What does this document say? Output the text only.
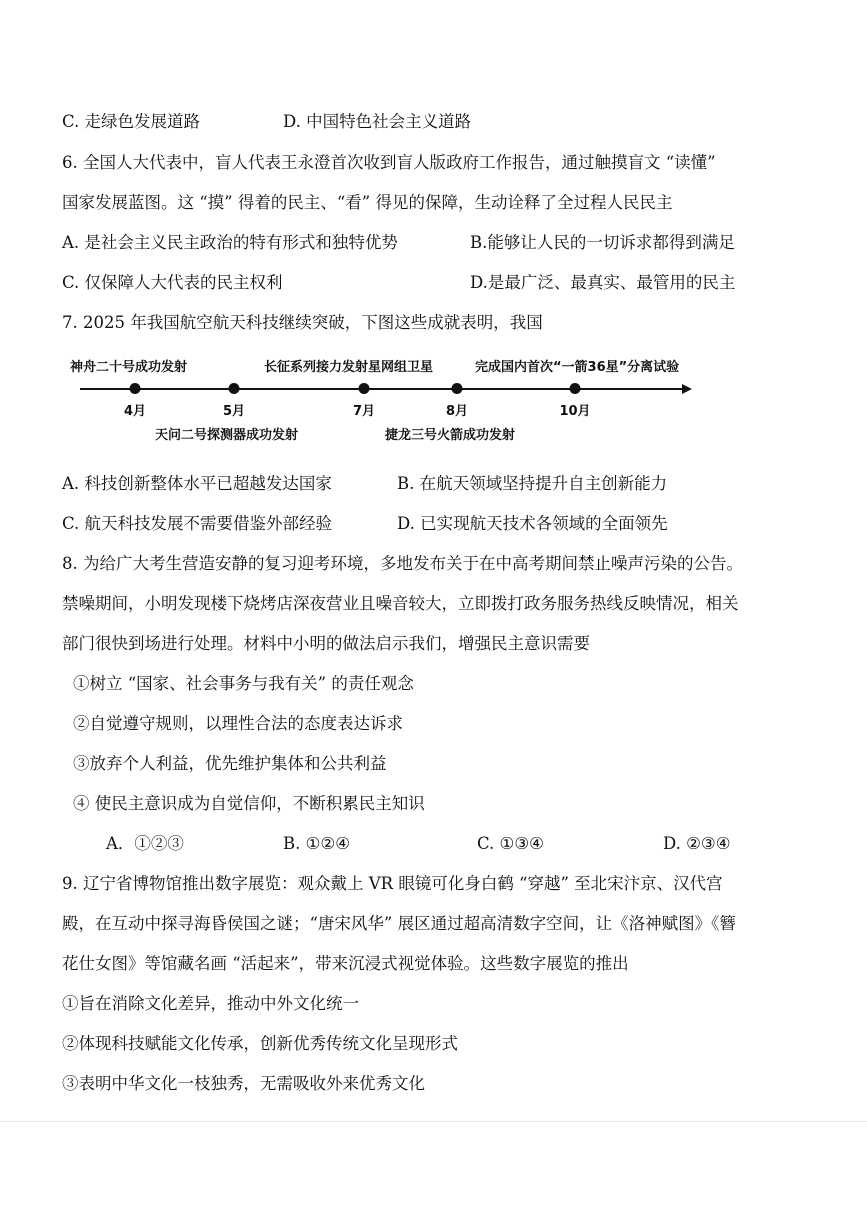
C. 走绿色发展道路	D. 中国特色社会主义道路
6. 全国人大代表中，盲人代表王永澄首次收到盲人版政府工作报告，通过触摸盲文 “读懂”
国家发展蓝图。这 “摸” 得着的民主、“看” 得见的保障，生动诠释了全过程人民民主
A. 是社会主义民主政治的特有形式和独特优势	B.能够让人民的一切诉求都得到满足
C. 仅保障人大代表的民主权利	D.是最广泛、最真实、最管用的民主
7. 2025 年我国航空航天科技继续突破，下图这些成就表明，我国
神舟二十号成功发射	长征系列接力发射星网组卫星	完成国内首次“一箭36星”分离试验
4月	5月	7月	8月	10月
天问二号探测器成功发射	捷龙三号火箭成功发射
A. 科技创新整体水平已超越发达国家	B. 在航天领域坚持提升自主创新能力
C. 航天科技发展不需要借鉴外部经验	D. 已实现航天技术各领域的全面领先
8. 为给广大考生营造安静的复习迎考环境，多地发布关于在中高考期间禁止噪声污染的公告。
禁噪期间，小明发现楼下烧烤店深夜营业且噪音较大，立即拨打政务服务热线反映情况，相关
部门很快到场进行处理。材料中小明的做法启示我们，增强民主意识需要
①树立 “国家、社会事务与我有关” 的责任观念
②自觉遵守规则，以理性合法的态度表达诉求
③放弃个人利益，优先维护集体和公共利益
④ 使民主意识成为自觉信仰，不断积累民主知识
A．①②③	B. ①②④	C. ①③④	D. ②③④
9. 辽宁省博物馆推出数字展览：观众戴上 VR 眼镜可化身白鹤 “穿越” 至北宋汴京、汉代宫
殿，在互动中探寻海昏侯国之谜；“唐宋风华” 展区通过超高清数字空间，让《洛神赋图》《簪
花仕女图》等馆藏名画 “活起来”，带来沉浸式视觉体验。这些数字展览的推出
①旨在消除文化差异，推动中外文化统一
②体现科技赋能文化传承，创新优秀传统文化呈现形式
③表明中华文化一枝独秀，无需吸收外来优秀文化
